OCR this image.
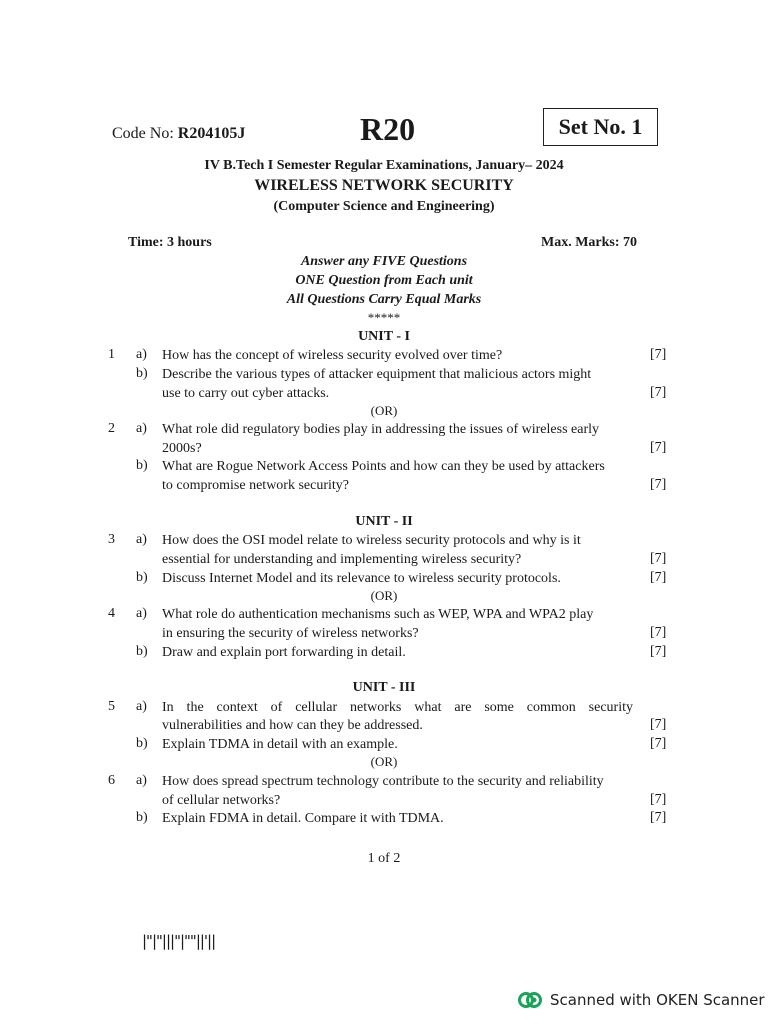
Code No: R204105J	R20	Set No. 1
IV B.Tech I Semester Regular Examinations, January– 2024
WIRELESS NETWORK SECURITY
(Computer Science and Engineering)
Time: 3 hours	Max. Marks: 70
Answer any FIVE Questions
ONE Question from Each unit
All Questions Carry Equal Marks
*****
UNIT - I
1	a) How has the concept of wireless security evolved over time?	[7]
b) Describe the various types of attacker equipment that malicious actors might
use to carry out cyber attacks.	[7]
(OR)
2	a) What role did regulatory bodies play in addressing the issues of wireless early
2000s?	[7]
b) What are Rogue Network Access Points and how can they be used by attackers
to compromise network security?	[7]
UNIT - II
3	a) How does the OSI model relate to wireless security protocols and why is it
essential for understanding and implementing wireless security?	[7]
b) Discuss Internet Model and its relevance to wireless security protocols.	[7]
(OR)
4	a) What role do authentication mechanisms such as WEP, WPA and WPA2 play
in ensuring the security of wireless networks?	[7]
b) Draw and explain port forwarding in detail.	[7]
UNIT - III
5	a) In the context of cellular networks what are some common security
vulnerabilities and how can they be addressed.	[7]
b) Explain TDMA in detail with an example.	[7]
(OR)
6	a) How does spread spectrum technology contribute to the security and reliability
of cellular networks?	[7]
b) Explain FDMA in detail. Compare it with TDMA.	[7]
1 of 2
|"|"|||"|""||'||
Scanned with OKEN Scanner
